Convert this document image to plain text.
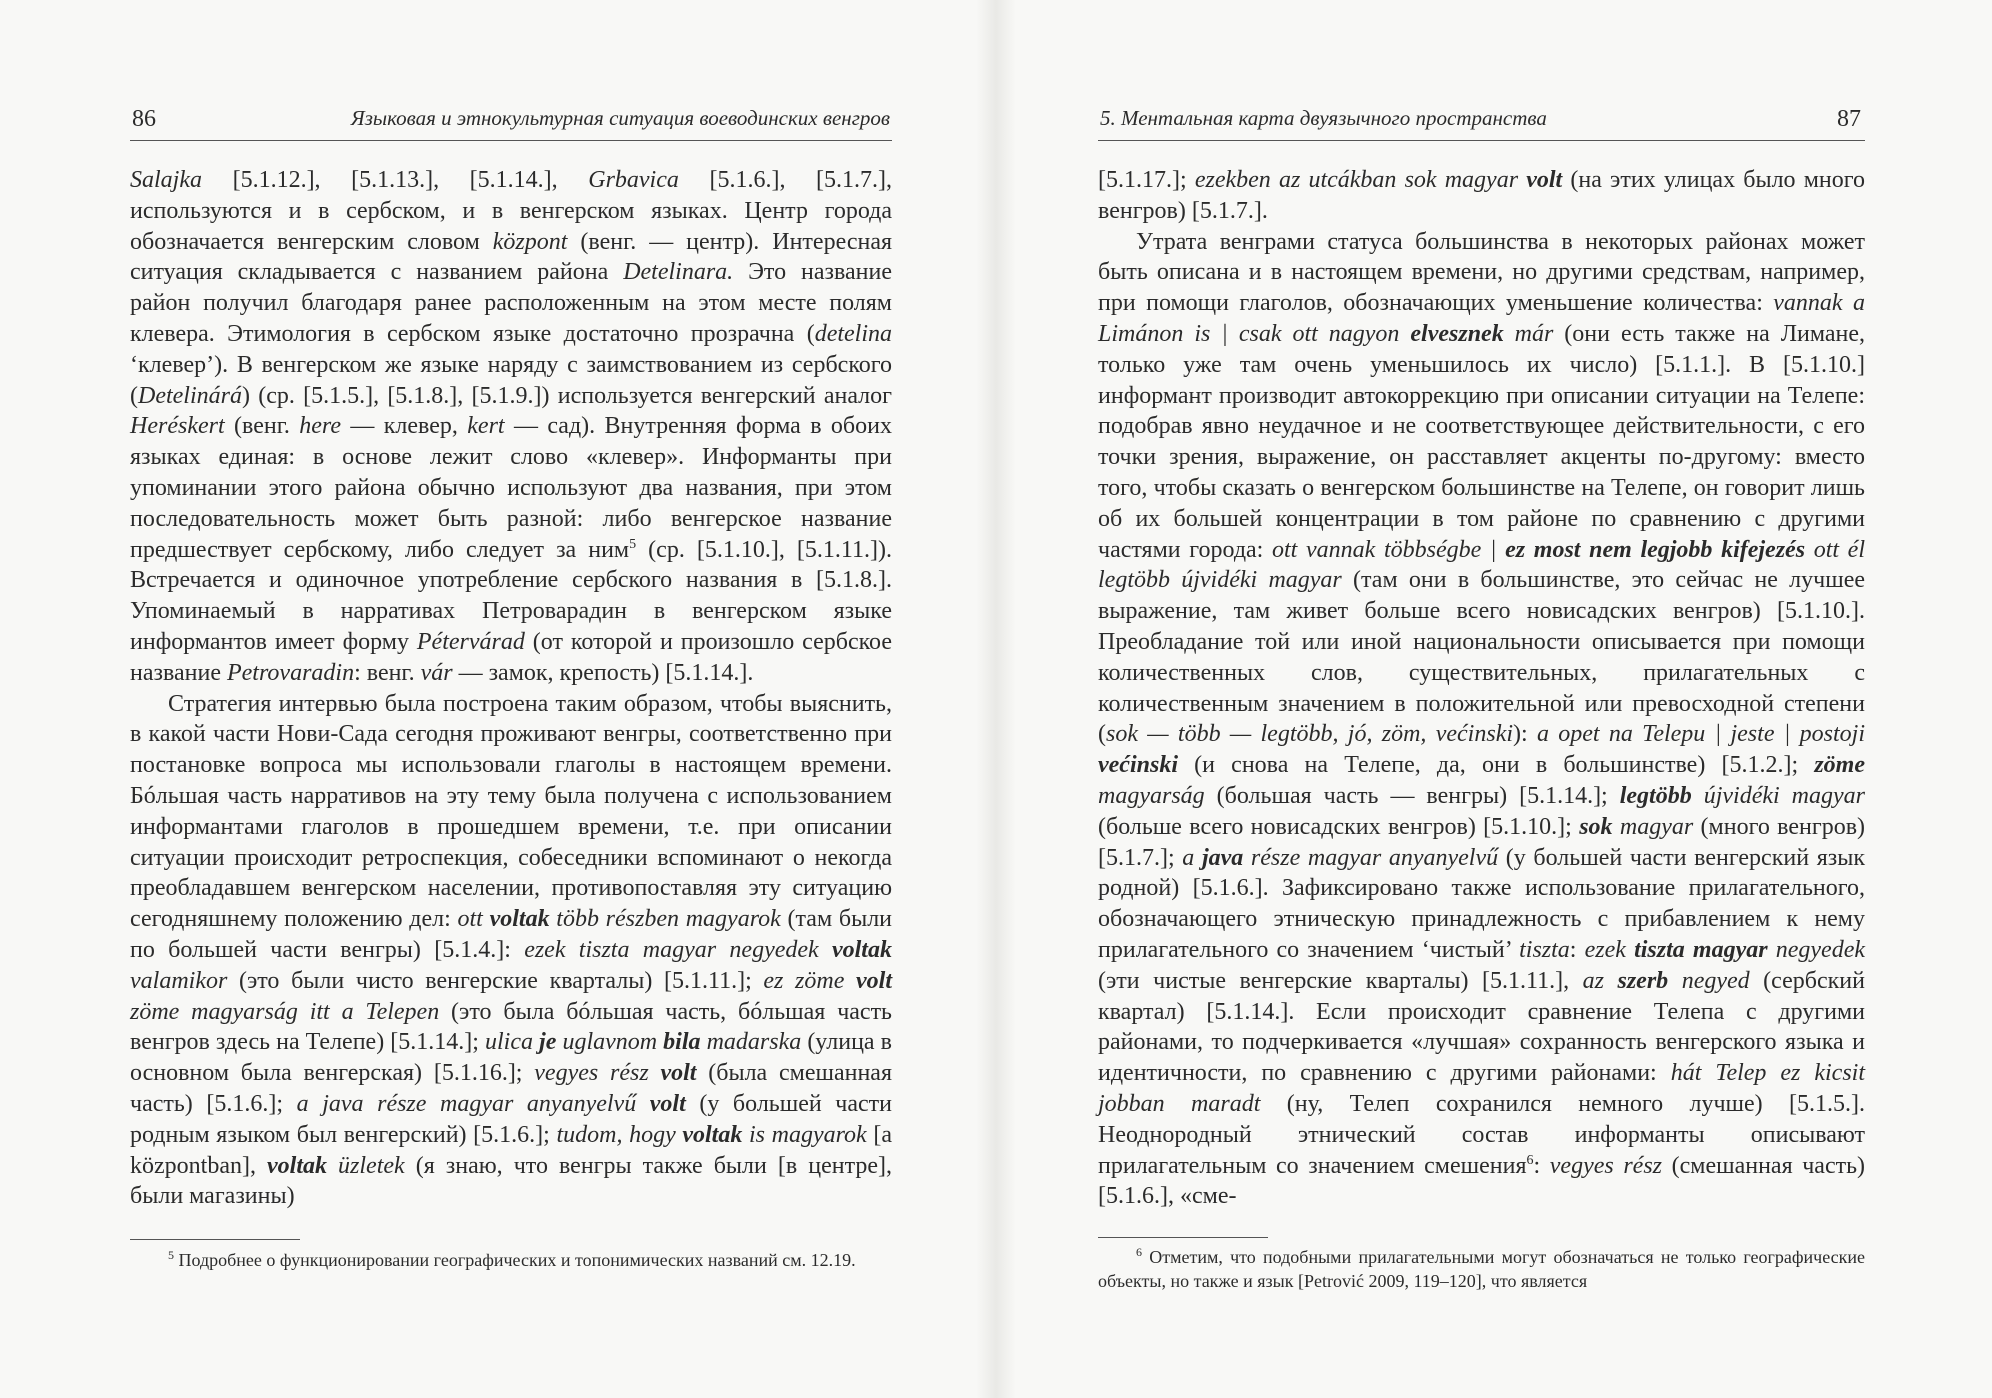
86	Языковая и этнокультурная ситуация воеводинских венгров

Salajka [5.1.12.], [5.1.13.], [5.1.14.], Grbavica [5.1.6.], [5.1.7.], используются и в сербском, и в венгерском языках. Центр города обозначается венгерским словом központ (венг. — центр). Интересная ситуация складывается с названием района Detelinara. Это название район получил благодаря ранее расположенным на этом месте полям клевера. Этимология в сербском языке достаточно прозрачна (detelina ‘клевер’). В венгерском же языке наряду с заимствованием из сербского (Detelinárá) (ср. [5.1.5.], [5.1.8.], [5.1.9.]) используется венгерский аналог Heréskert (венг. here — клевер, kert — сад). Внутренняя форма в обоих языках единая: в основе лежит слово «клевер». Информанты при упоминании этого района обычно используют два названия, при этом последовательность может быть разной: либо венгерское название предшествует сербскому, либо следует за ним$^5$ (ср. [5.1.10.], [5.1.11.]). Встречается и одиночное употребление сербского названия в [5.1.8.]. Упоминаемый в нарративах Петроварадин в венгерском языке информантов имеет форму Pétervárad (от которой и произошло сербское название Petrovaradin: венг. vár — замок, крепость) [5.1.14.].

Стратегия интервью была построена таким образом, чтобы выяснить, в какой части Нови-Сада сегодня проживают венгры, соответственно при постановке вопроса мы использовали глаголы в настоящем времени. Бóльшая часть нарративов на эту тему была получена с использованием информантами глаголов в прошедшем времени, т.е. при описании ситуации происходит ретроспекция, собеседники вспоминают о некогда преобладавшем венгерском населении, противопоставляя эту ситуацию сегодняшнему положению дел: ott voltak több részben magyarok (там были по большей части венгры) [5.1.4.]: ezek tiszta magyar negyedek voltak valamikor (это были чисто венгерские кварталы) [5.1.11.]; ez zöme volt zöme magyarság itt a Telepen (это была бóльшая часть, бóльшая часть венгров здесь на Телепе) [5.1.14.]; ulica je uglavnom bila madarska (улица в основном была венгерская) [5.1.16.]; vegyes rész volt (была смешанная часть) [5.1.6.]; a java része magyar anyanyelvű volt (у большей части родным языком был венгерский) [5.1.6.]; tudom, hogy voltak is magyarok [a központban], voltak üzletek (я знаю, что венгры также были [в центре], были магазины)

$^5$ Подробнее о функционировании географических и топонимических названий см. 12.19.

5. Ментальная карта двуязычного пространства	87

[5.1.17.]; ezekben az utcákban sok magyar volt (на этих улицах было много венгров) [5.1.7.].

Утрата венграми статуса большинства в некоторых районах может быть описана и в настоящем времени, но другими средствам, например, при помощи глаголов, обозначающих уменьшение количества: vannak a Limánon is | csak ott nagyon elvesznek már (они есть также на Лимане, только уже там очень уменьшилось их число) [5.1.1.]. В [5.1.10.] информант производит автокоррекцию при описании ситуации на Телепе: подобрав явно неудачное и не соответствующее действительности, с его точки зрения, выражение, он расставляет акценты по-другому: вместо того, чтобы сказать о венгерском большинстве на Телепе, он говорит лишь об их большей концентрации в том районе по сравнению с другими частями города: ott vannak többségbe | ez most nem legjobb kifejezés ott él legtöbb újvidéki magyar (там они в большинстве, это сейчас не лучшее выражение, там живет больше всего новисадских венгров) [5.1.10.]. Преобладание той или иной национальности описывается при помощи количественных слов, существительных, прилагательных с количественным значением в положительной или превосходной степени (sok — több — legtöbb, jó, zöm, većinski): a opet na Telepu | jeste | postoji većinski (и снова на Телепе, да, они в большинстве) [5.1.2.]; zöme magyarság (большая часть — венгры) [5.1.14.]; legtöbb újvidéki magyar (больше всего новисадских венгров) [5.1.10.]; sok magyar (много венгров) [5.1.7.]; a java része magyar anyanyelvű (у большей части венгерский язык родной) [5.1.6.]. Зафиксировано также использование прилагательного, обозначающего этническую принадлежность с прибавлением к нему прилагательного со значением ‘чистый’ tiszta: ezek tiszta magyar negyedek (эти чистые венгерские кварталы) [5.1.11.], az szerb negyed (сербский квартал) [5.1.14.]. Если происходит сравнение Телепа с другими районами, то подчеркивается «лучшая» сохранность венгерского языка и идентичности, по сравнению с другими районами: hát Telep ez kicsit jobban maradt (ну, Телеп сохранился немного лучше) [5.1.5.]. Неоднородный этнический состав информанты описывают прилагательным со значением смешения$^6$: vegyes rész (смешанная часть) [5.1.6.], «сме-

$^6$ Отметим, что подобными прилагательными могут обозначаться не только географические объекты, но также и язык [Petrović 2009, 119–120], что является
